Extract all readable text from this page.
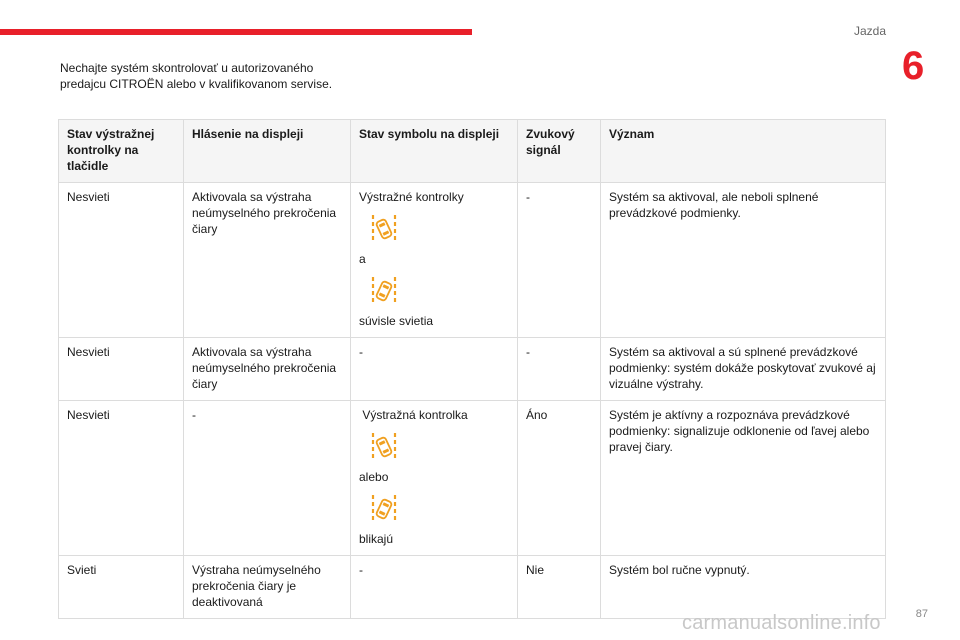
Jazda
6
Nechajte systém skontrolovať u autorizovaného predajcu CITROËN alebo v kvalifikovanom servise.
Stav výstražnej kontrolky na tlačidle	Hlásenie na displeji	Stav symbolu na displeji	Zvukový signál	Význam
Nesvieti	Aktivovala sa výstraha neúmyselného prekročenia čiary	Výstražné kontrolky
a
súvisle svietia	-	Systém sa aktivoval, ale neboli splnené prevádzkové podmienky.
Nesvieti	Aktivovala sa výstraha neúmyselného prekročenia čiary	-	-	Systém sa aktivoval a sú splnené prevádzkové podmienky: systém dokáže poskytovať zvukové aj vizuálne výstrahy.
Nesvieti	-	Výstražná kontrolka
alebo
blikajú	Áno	Systém je aktívny a rozpoznáva prevádzkové podmienky: signalizuje odklonenie od ľavej alebo pravej čiary.
Svieti	Výstraha neúmyselného prekročenia čiary je deaktivovaná	-	Nie	Systém bol ručne vypnutý.
87
carmanualsonline.info
